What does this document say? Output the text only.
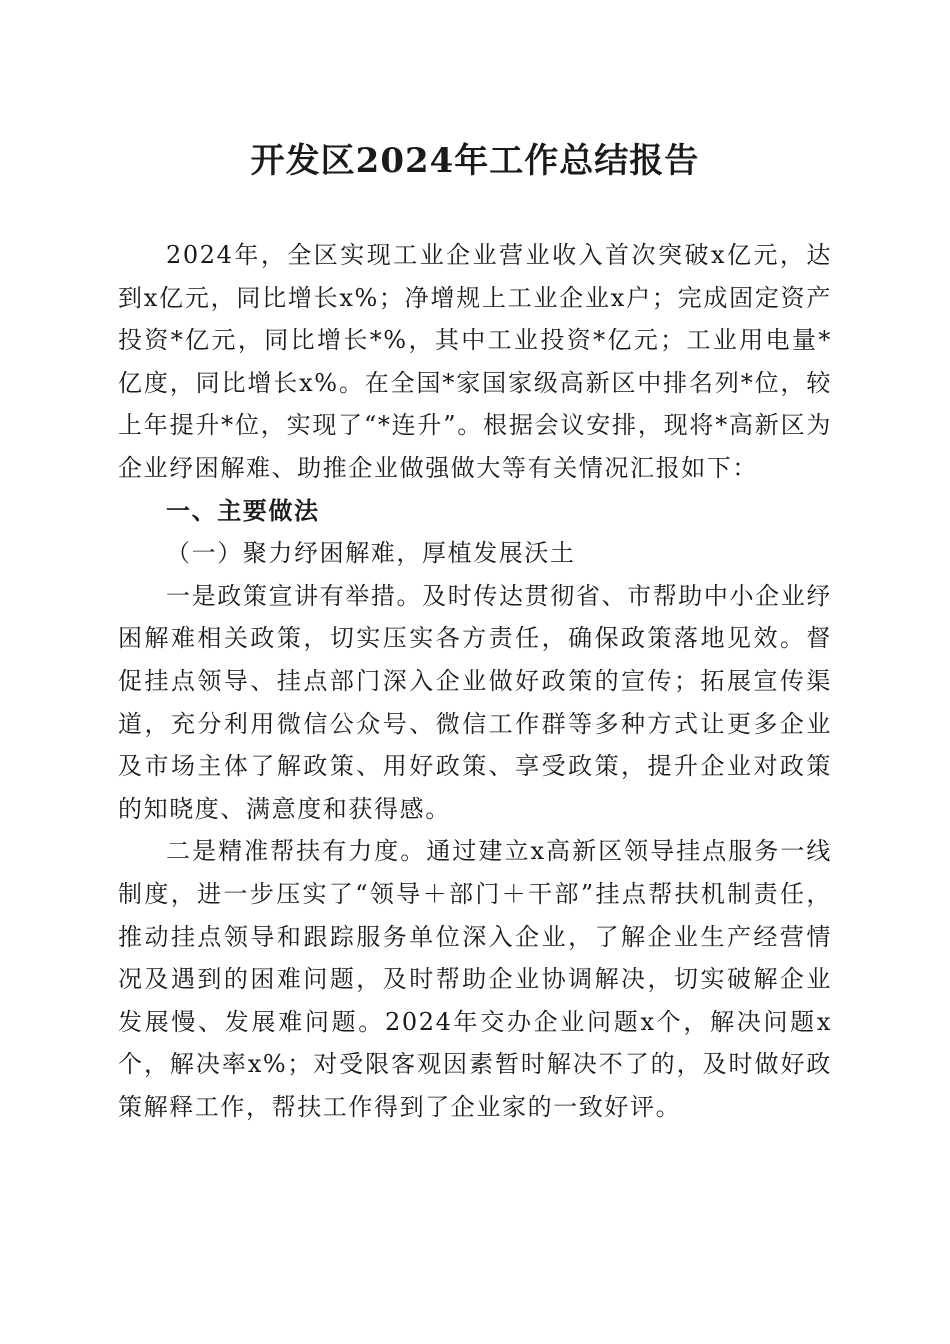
开发区2024年工作总结报告

2024年，全区实现工业企业营业收入首次突破x亿元，达到x亿元，同比增长x%；净增规上工业企业x户；完成固定资产投资*亿元，同比增长*%，其中工业投资*亿元；工业用电量*亿度，同比增长x%。在全国*家国家级高新区中排名列*位，较上年提升*位，实现了“*连升”。根据会议安排，现将*高新区为企业纾困解难、助推企业做强做大等有关情况汇报如下：

一、主要做法

（一）聚力纾困解难，厚植发展沃土

一是政策宣讲有举措。及时传达贯彻省、市帮助中小企业纾困解难相关政策，切实压实各方责任，确保政策落地见效。督促挂点领导、挂点部门深入企业做好政策的宣传；拓展宣传渠道，充分利用微信公众号、微信工作群等多种方式让更多企业及市场主体了解政策、用好政策、享受政策，提升企业对政策的知晓度、满意度和获得感。

二是精准帮扶有力度。通过建立x高新区领导挂点服务一线制度，进一步压实了“领导＋部门＋干部”挂点帮扶机制责任，推动挂点领导和跟踪服务单位深入企业，了解企业生产经营情况及遇到的困难问题，及时帮助企业协调解决，切实破解企业发展慢、发展难问题。2024年交办企业问题x个，解决问题x个，解决率x%；对受限客观因素暂时解决不了的，及时做好政策解释工作，帮扶工作得到了企业家的一致好评。
